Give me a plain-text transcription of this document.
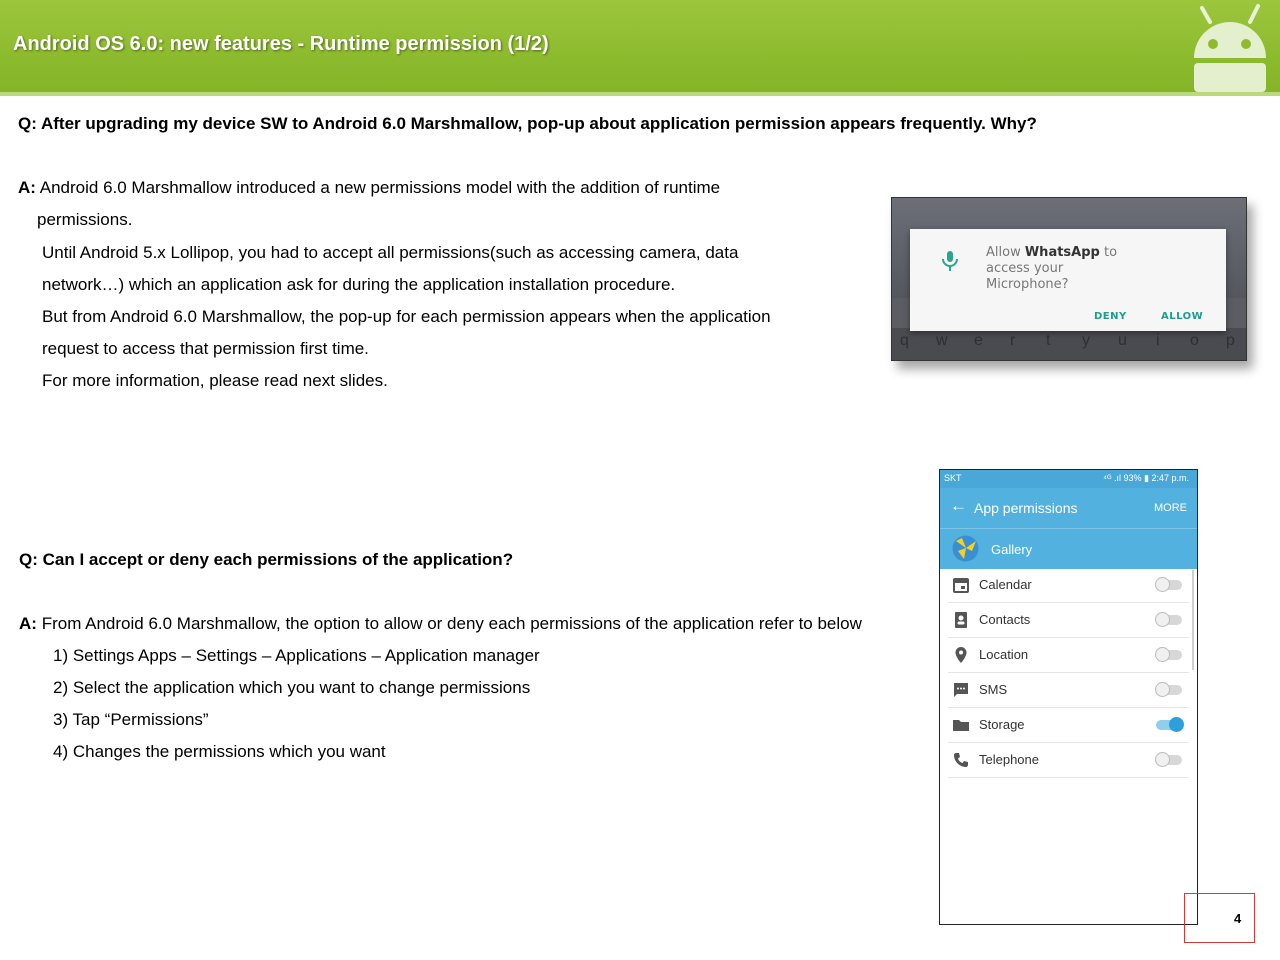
Android OS 6.0: new features - Runtime permission (1/2)
Q: After upgrading my device SW to Android 6.0 Marshmallow, pop-up about application permission appears frequently. Why?
A: Android 6.0 Marshmallow introduced a new permissions model with the addition of runtime
permissions.
Until Android 5.x Lollipop, you had to accept all permissions(such as accessing camera, data
network…) which an application ask for during the application installation procedure.
But from Android 6.0 Marshmallow, the pop-up for each permission appears when the application
request to access that permission first time.
For more information, please read next slides.
q w e r t y u i o p
Allow WhatsApp to
access your
Microphone?
DENY	ALLOW
Q: Can I accept or deny each permissions of the application?
A: From Android 6.0 Marshmallow, the option to allow or deny each permissions of the application refer to below
1) Settings Apps – Settings – Applications – Application manager
2) Select the application which you want to change permissions
3) Tap “Permissions”
4) Changes the permissions which you want
SKT	⁴ᴳ .ıl 93% ▮ 2:47 p.m.
← App permissions	MORE
Gallery
Calendar
Contacts
Location
SMS
Storage
Telephone
4
